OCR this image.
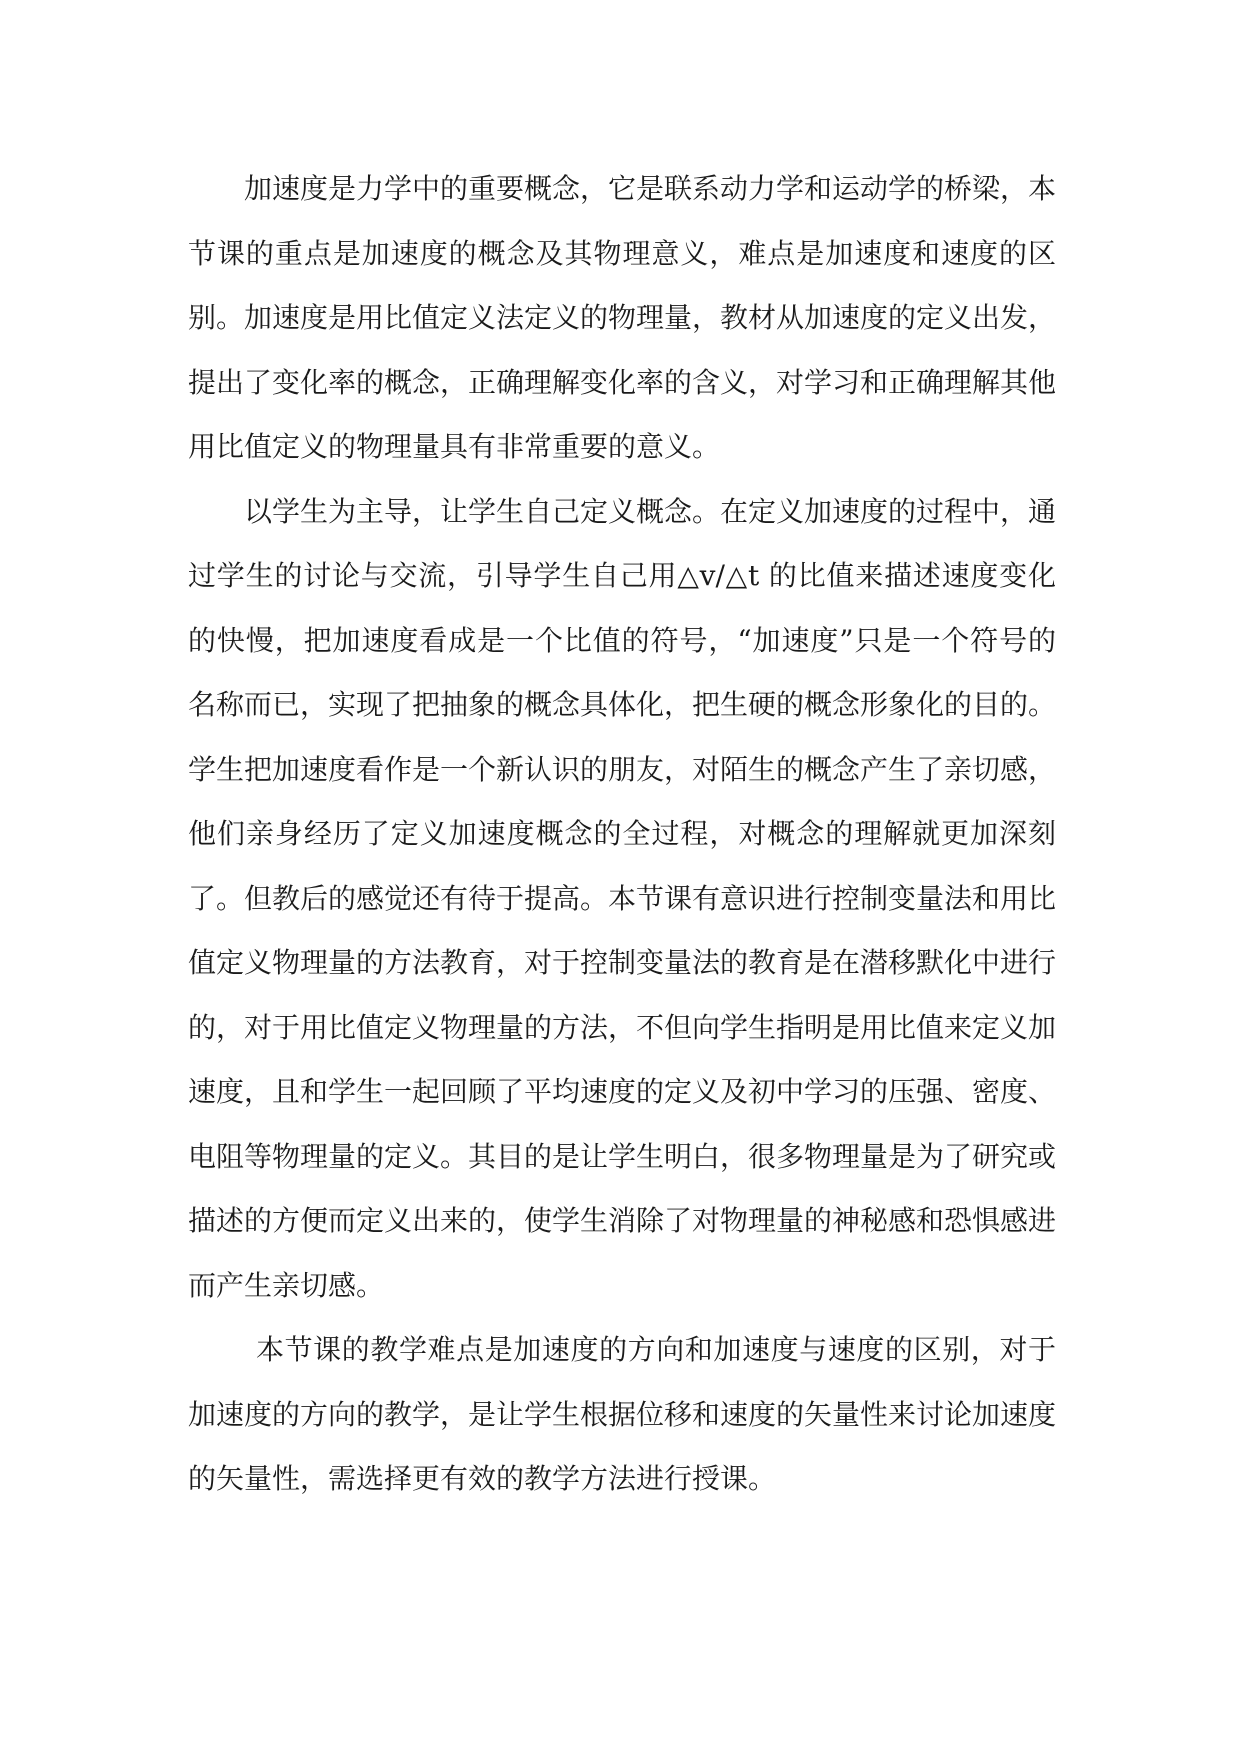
加速度是力学中的重要概念，它是联系动力学和运动学的桥梁，本节课的重点是加速度的概念及其物理意义，难点是加速度和速度的区别。加速度是用比值定义法定义的物理量，教材从加速度的定义出发，提出了变化率的概念，正确理解变化率的含义，对学习和正确理解其他用比值定义的物理量具有非常重要的意义。

以学生为主导，让学生自己定义概念。在定义加速度的过程中，通过学生的讨论与交流，引导学生自己用△v/△t 的比值来描述速度变化的快慢，把加速度看成是一个比值的符号，“加速度”只是一个符号的名称而已，实现了把抽象的概念具体化，把生硬的概念形象化的目的。学生把加速度看作是一个新认识的朋友，对陌生的概念产生了亲切感，他们亲身经历了定义加速度概念的全过程，对概念的理解就更加深刻了。但教后的感觉还有待于提高。本节课有意识进行控制变量法和用比值定义物理量的方法教育，对于控制变量法的教育是在潜移默化中进行的，对于用比值定义物理量的方法，不但向学生指明是用比值来定义加速度，且和学生一起回顾了平均速度的定义及初中学习的压强、密度、电阻等物理量的定义。其目的是让学生明白，很多物理量是为了研究或描述的方便而定义出来的，使学生消除了对物理量的神秘感和恐惧感进而产生亲切感。

本节课的教学难点是加速度的方向和加速度与速度的区别，对于加速度的方向的教学，是让学生根据位移和速度的矢量性来讨论加速度的矢量性，需选择更有效的教学方法进行授课。
